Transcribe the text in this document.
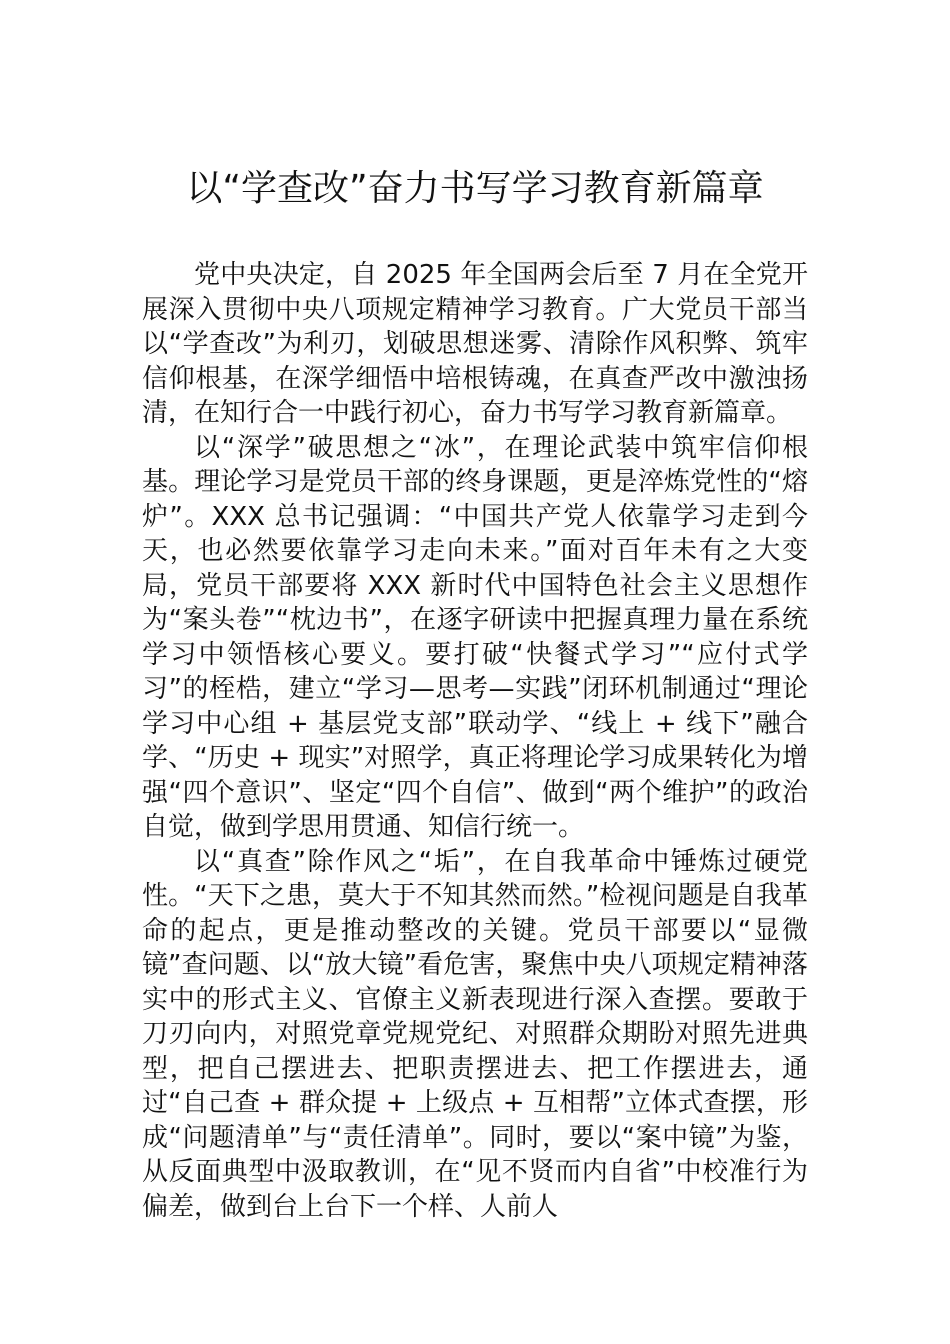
以“学查改”奋力书写学习教育新篇章

党中央决定，自 2025 年全国两会后至 7 月在全党开展深入贯彻中央八项规定精神学习教育。广大党员干部当以“学查改”为利刃，划破思想迷雾、清除作风积弊、筑牢信仰根基，在深学细悟中培根铸魂，在真查严改中激浊扬清，在知行合一中践行初心，奋力书写学习教育新篇章。

以“深学”破思想之“冰”，在理论武装中筑牢信仰根基。理论学习是党员干部的终身课题，更是淬炼党性的“熔炉”。XXX 总书记强调：“中国共产党人依靠学习走到今天，也必然要依靠学习走向未来。”面对百年未有之大变局，党员干部要将 XXX 新时代中国特色社会主义思想作为“案头卷”“枕边书”，在逐字研读中把握真理力量在系统学习中领悟核心要义。要打破“快餐式学习”“应付式学习”的桎梏，建立“学习—思考—实践”闭环机制通过“理论学习中心组 + 基层党支部”联动学、“线上 + 线下”融合学、“历史 + 现实”对照学，真正将理论学习成果转化为增强“四个意识”、坚定“四个自信”、做到“两个维护”的政治自觉，做到学思用贯通、知信行统一。

以“真查”除作风之“垢”，在自我革命中锤炼过硬党性。“天下之患，莫大于不知其然而然。”检视问题是自我革命的起点，更是推动整改的关键。党员干部要以“显微镜”查问题、以“放大镜”看危害，聚焦中央八项规定精神落实中的形式主义、官僚主义新表现进行深入查摆。要敢于刀刃向内，对照党章党规党纪、对照群众期盼对照先进典型，把自己摆进去、把职责摆进去、把工作摆进去，通过“自己查 + 群众提 + 上级点 + 互相帮”立体式查摆，形成“问题清单”与“责任清单”。同时，要以“案中镜”为鉴，从反面典型中汲取教训，在“见不贤而内自省”中校准行为偏差，做到台上台下一个样、人前人
